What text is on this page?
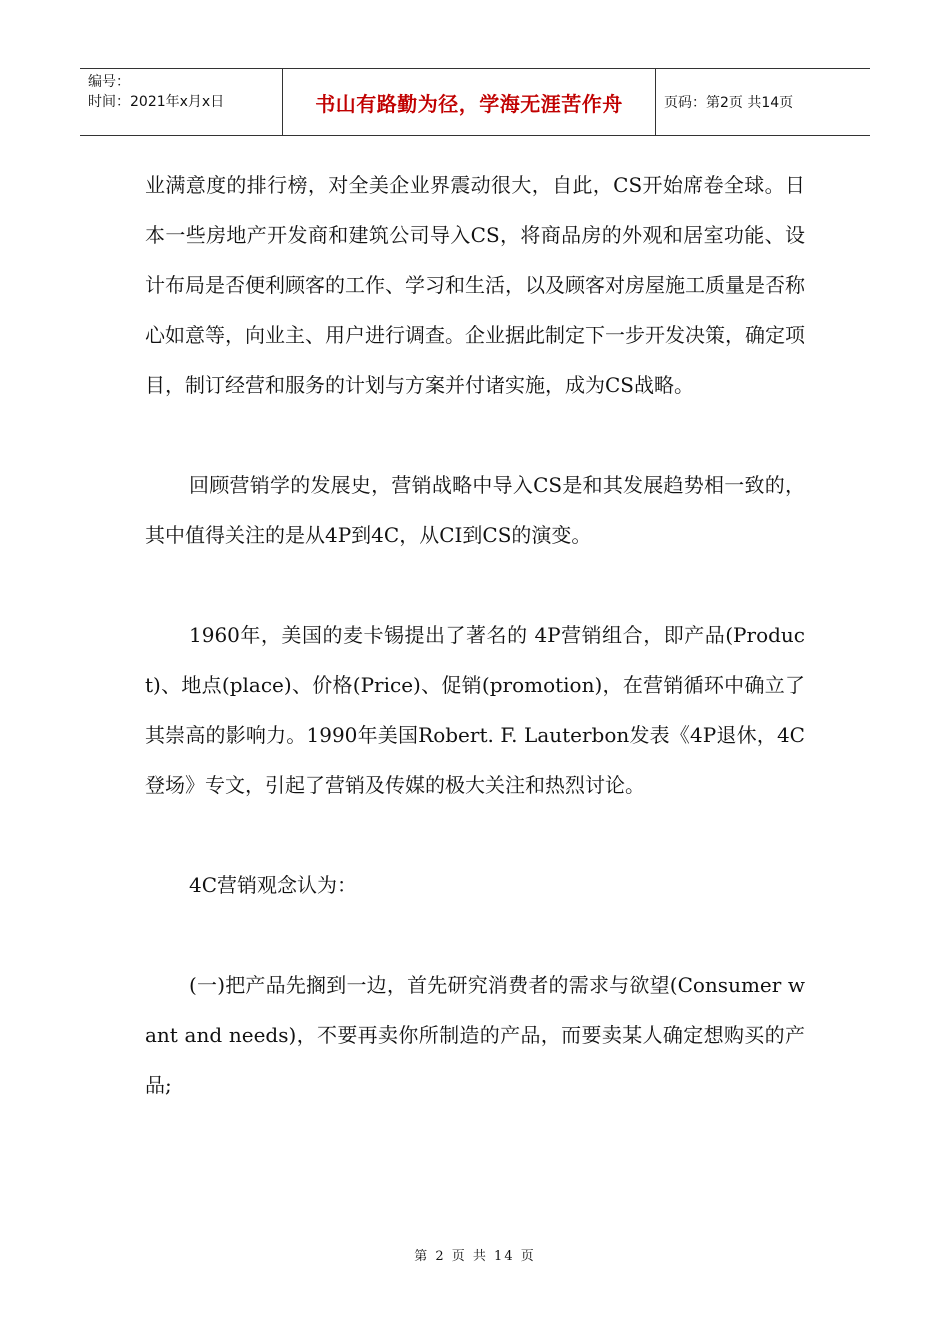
编号：
时间：2021年x月x日	书山有路勤为径，学海无涯苦作舟	页码：第2页 共14页

业满意度的排行榜，对全美企业界震动很大，自此，CS开始席卷全球。日本一些房地产开发商和建筑公司导入CS，将商品房的外观和居室功能、设计布局是否便利顾客的工作、学习和生活，以及顾客对房屋施工质量是否称心如意等，向业主、用户进行调查。企业据此制定下一步开发决策，确定项目，制订经营和服务的计划与方案并付诸实施，成为CS战略。

回顾营销学的发展史，营销战略中导入CS是和其发展趋势相一致的，其中值得关注的是从4P到4C，从CI到CS的演变。

1960年，美国的麦卡锡提出了著名的 4P营销组合，即产品(Product)、地点(place)、价格(Price)、促销(promotion)，在营销循环中确立了其崇高的影响力。1990年美国Robert. F. Lauterbon发表《4P退休，4C登场》专文，引起了营销及传媒的极大关注和热烈讨论。

4C营销观念认为：

(一)把产品先搁到一边，首先研究消费者的需求与欲望(Consumer want and needs)，不要再卖你所制造的产品，而要卖某人确定想购买的产品;

第 2 页 共 14 页
